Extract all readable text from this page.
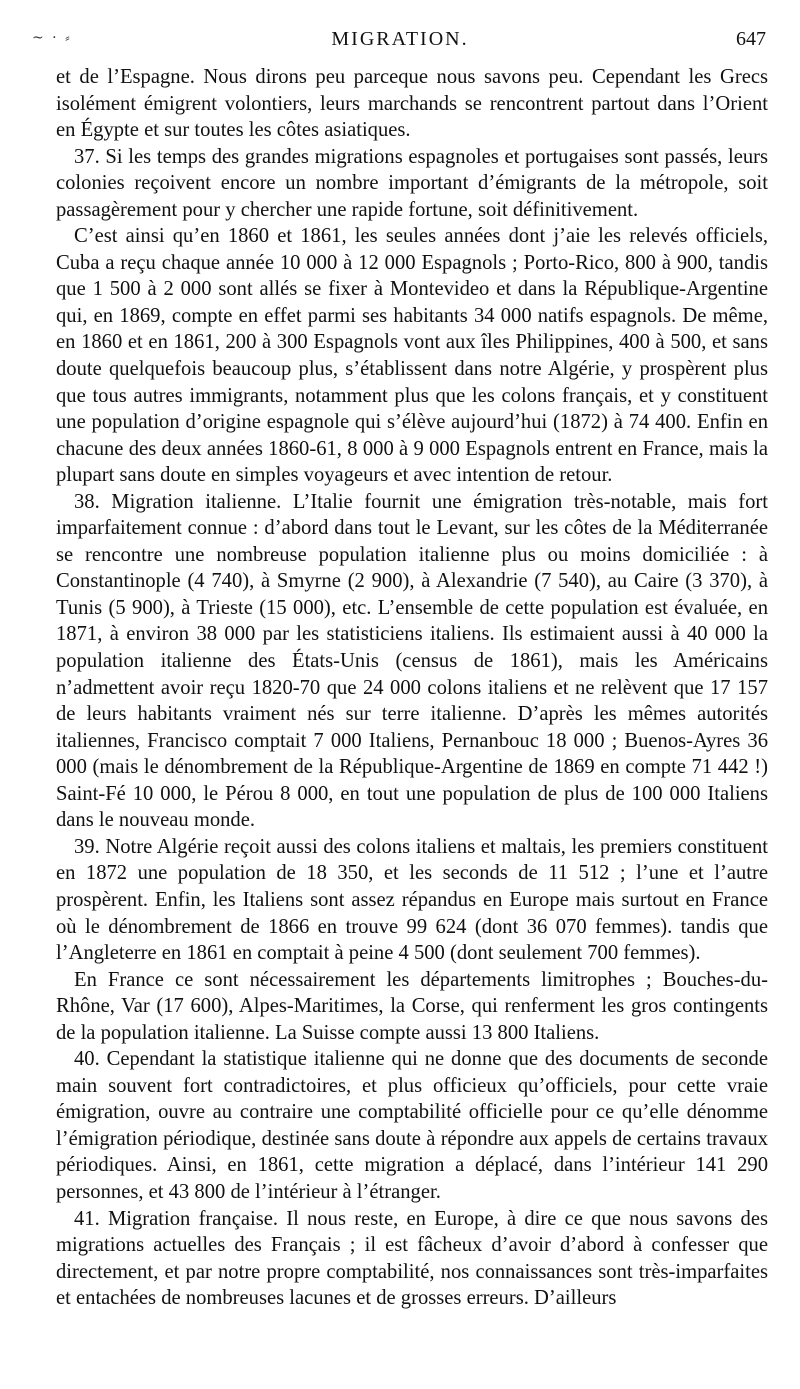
~ · ⸗	MIGRATION.	647

et de l’Espagne. Nous dirons peu parceque nous savons peu. Cependant les Grecs isolément émigrent volontiers, leurs marchands se rencontrent partout dans l’Orient en Égypte et sur toutes les côtes asiatiques.

37. Si les temps des grandes migrations espagnoles et portugaises sont passés, leurs colonies reçoivent encore un nombre important d’émigrants de la métropole, soit passagèrement pour y chercher une rapide fortune, soit définitivement.

C’est ainsi qu’en 1860 et 1861, les seules années dont j’aie les relevés officiels, Cuba a reçu chaque année 10 000 à 12 000 Espagnols ; Porto-Rico, 800 à 900, tandis que 1 500 à 2 000 sont allés se fixer à Montevideo et dans la République-Argentine qui, en 1869, compte en effet parmi ses habitants 34 000 natifs espagnols. De même, en 1860 et en 1861, 200 à 300 Espagnols vont aux îles Philippines, 400 à 500, et sans doute quelquefois beaucoup plus, s’établissent dans notre Algérie, y prospèrent plus que tous autres immigrants, notamment plus que les colons français, et y constituent une population d’origine espagnole qui s’élève aujourd’hui (1872) à 74 400. Enfin en chacune des deux années 1860-61, 8 000 à 9 000 Espagnols entrent en France, mais la plupart sans doute en simples voyageurs et avec intention de retour.

38. Migration italienne. L’Italie fournit une émigration très-notable, mais fort imparfaitement connue : d’abord dans tout le Levant, sur les côtes de la Méditerranée se rencontre une nombreuse population italienne plus ou moins domiciliée : à Constantinople (4 740), à Smyrne (2 900), à Alexandrie (7 540), au Caire (3 370), à Tunis (5 900), à Trieste (15 000), etc. L’ensemble de cette population est évaluée, en 1871, à environ 38 000 par les statisticiens italiens. Ils estimaient aussi à 40 000 la population italienne des États-Unis (census de 1861), mais les Américains n’admettent avoir reçu 1820-70 que 24 000 colons italiens et ne relèvent que 17 157 de leurs habitants vraiment nés sur terre italienne. D’après les mêmes autorités italiennes, Francisco comptait 7 000 Italiens, Pernanbouc 18 000 ; Buenos-Ayres 36 000 (mais le dénombrement de la République-Argentine de 1869 en compte 71 442 !) Saint-Fé 10 000, le Pérou 8 000, en tout une population de plus de 100 000 Italiens dans le nouveau monde.

39. Notre Algérie reçoit aussi des colons italiens et maltais, les premiers constituent en 1872 une population de 18 350, et les seconds de 11 512 ; l’une et l’autre prospèrent. Enfin, les Italiens sont assez répandus en Europe mais surtout en France où le dénombrement de 1866 en trouve 99 624 (dont 36 070 femmes). tandis que l’Angleterre en 1861 en comptait à peine 4 500 (dont seulement 700 femmes).

En France ce sont nécessairement les départements limitrophes ; Bouches-du-Rhône, Var (17 600), Alpes-Maritimes, la Corse, qui renferment les gros contingents de la population italienne. La Suisse compte aussi 13 800 Italiens.

40. Cependant la statistique italienne qui ne donne que des documents de seconde main souvent fort contradictoires, et plus officieux qu’officiels, pour cette vraie émigration, ouvre au contraire une comptabilité officielle pour ce qu’elle dénomme l’émigration périodique, destinée sans doute à répondre aux appels de certains travaux périodiques. Ainsi, en 1861, cette migration a déplacé, dans l’intérieur 141 290 personnes, et 43 800 de l’intérieur à l’étranger.

41. Migration française. Il nous reste, en Europe, à dire ce que nous savons des migrations actuelles des Français ; il est fâcheux d’avoir d’abord à confesser que directement, et par notre propre comptabilité, nos connaissances sont très-imparfaites et entachées de nombreuses lacunes et de grosses erreurs. D’ailleurs
